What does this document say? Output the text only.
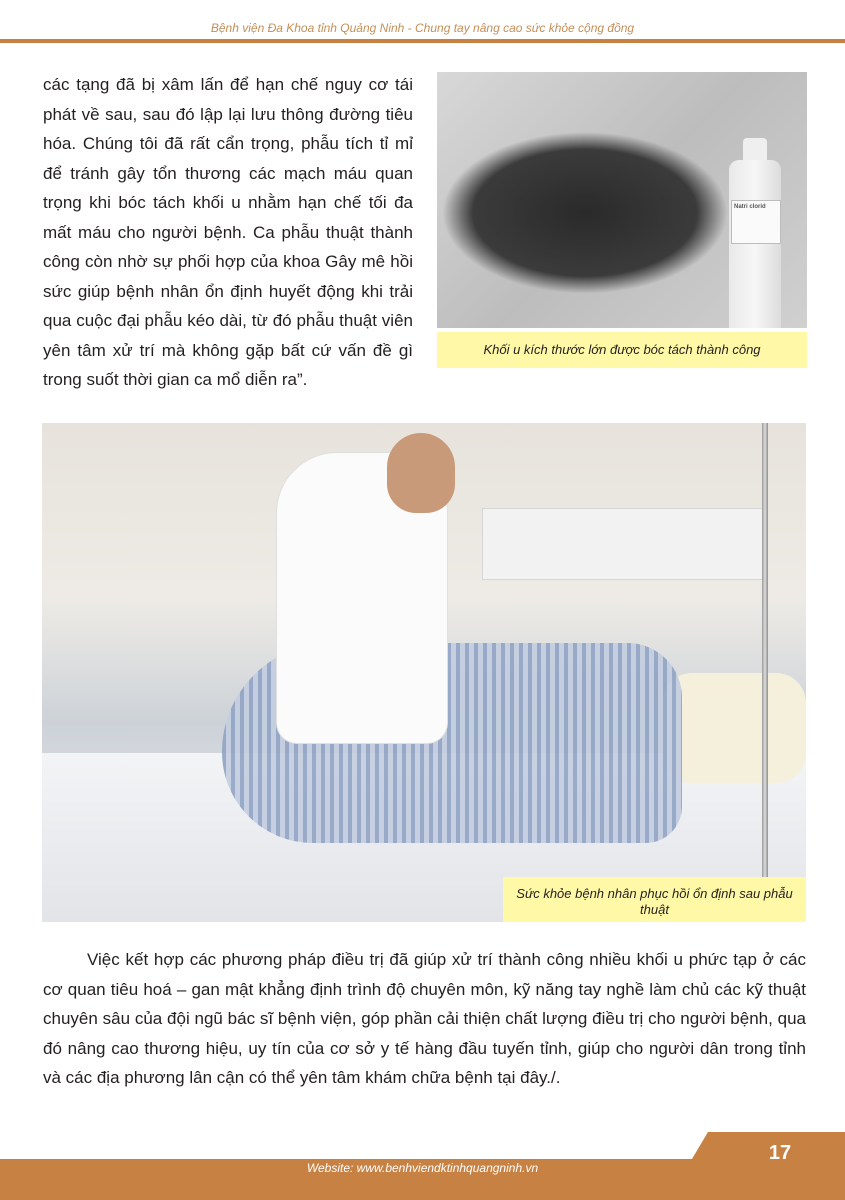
Bệnh viện Đa Khoa tỉnh Quảng Ninh - Chung tay nâng cao sức khỏe cộng đồng

các tạng đã bị xâm lấn để hạn chế nguy cơ tái phát về sau, sau đó lập lại lưu thông đường tiêu hóa. Chúng tôi đã rất cẩn trọng, phẫu tích tỉ mỉ để tránh gây tổn thương các mạch máu quan trọng khi bóc tách khối u nhằm hạn chế tối đa mất máu cho người bệnh. Ca phẫu thuật thành công còn nhờ sự phối hợp của khoa Gây mê hồi sức giúp bệnh nhân ổn định huyết động khi trải qua cuộc đại phẫu kéo dài, từ đó phẫu thuật viên yên tâm xử trí mà không gặp bất cứ vấn đề gì trong suốt thời gian ca mổ diễn ra”.

Natri clorid
Khối u kích thước lớn được bóc tách thành công
Sức khỏe bệnh nhân phục hồi ổn định sau phẫu thuật

Việc kết hợp các phương pháp điều trị đã giúp xử trí thành công nhiều khối u phức tạp ở các cơ quan tiêu hoá – gan mật khẳng định trình độ chuyên môn, kỹ năng tay nghề làm chủ các kỹ thuật chuyên sâu của đội ngũ bác sĩ bệnh viện, góp phần cải thiện chất lượng điều trị cho người bệnh, qua đó nâng cao thương hiệu, uy tín của cơ sở y tế hàng đầu tuyến tỉnh, giúp cho người dân trong tỉnh và các địa phương lân cận có thể yên tâm khám chữa bệnh tại đây./.

17
Website: www.benhviendktinhquangninh.vn
